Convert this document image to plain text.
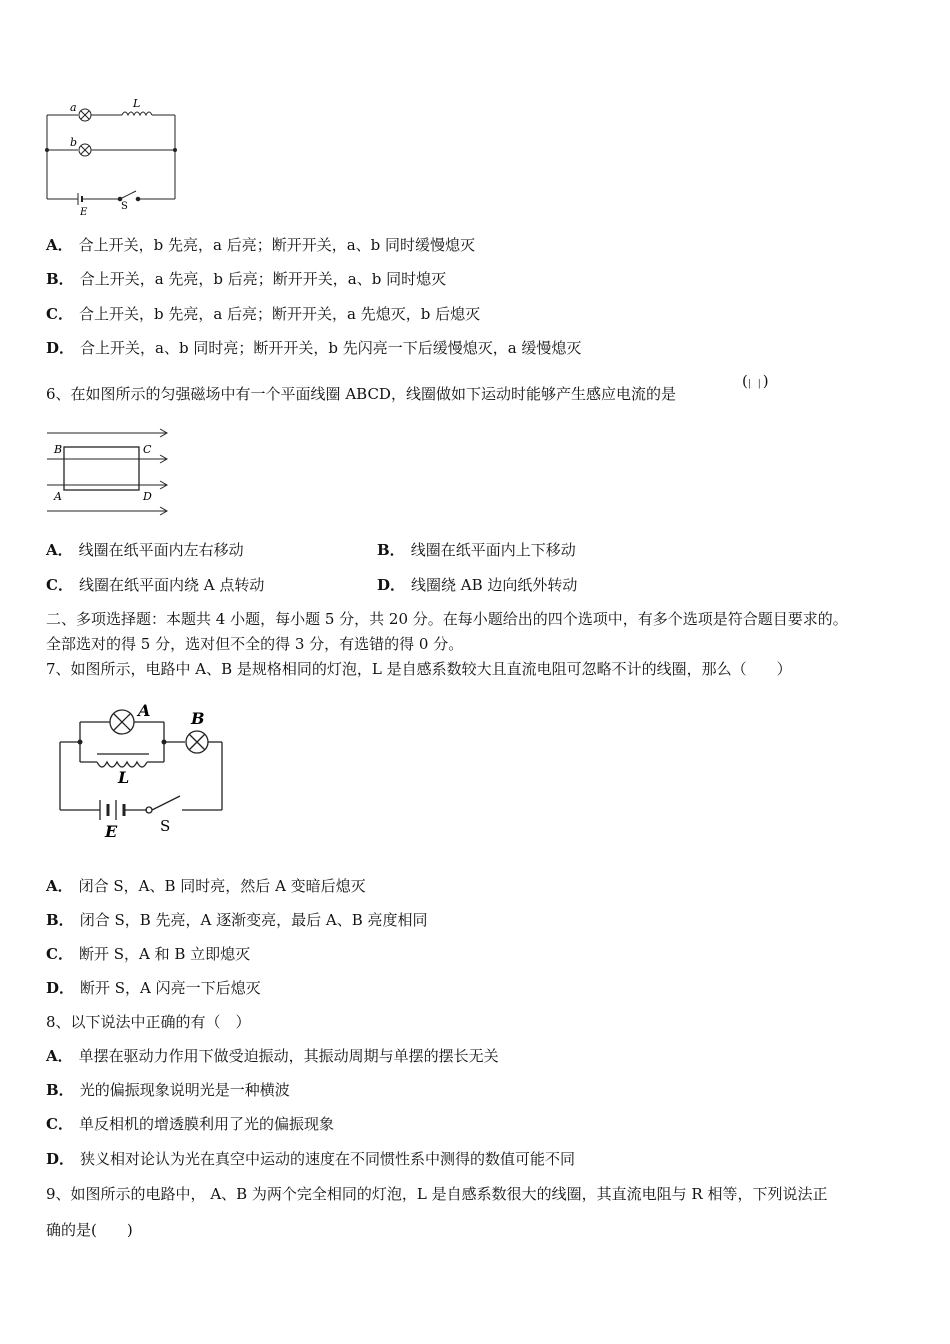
a
b
L
E
S
A． 合上开关，b 先亮，a 后亮；断开开关，a、b 同时缓慢熄灭
B． 合上开关，a 先亮，b 后亮；断开开关，a、b 同时熄灭
C． 合上开关，b 先亮，a 后亮；断开开关，a 先熄灭，b 后熄灭
D． 合上开关，a、b 同时亮；断开开关，b 先闪亮一下后缓慢熄灭，a 缓慢熄灭
6、在如图所示的匀强磁场中有一个平面线圈 ABCD，线圈做如下运动时能够产生感应电流的是
(| |)
B	C
A	D
A． 线圈在纸平面内左右移动	B． 线圈在纸平面内上下移动
C． 线圈在纸平面内绕 A 点转动	D． 线圈绕 AB 边向纸外转动
二、多项选择题：本题共 4 小题，每小题 5 分，共 20 分。在每小题给出的四个选项中，有多个选项是符合题目要求的。
全部选对的得 5 分，选对但不全的得 3 分，有选错的得 0 分。
7、如图所示，电路中 A、B 是规格相同的灯泡，L 是自感系数较大且直流电阻可忽略不计的线圈，那么（　　）
A	B
L
E	S
A． 闭合 S，A、B 同时亮，然后 A 变暗后熄灭
B． 闭合 S，B 先亮，A 逐渐变亮，最后 A、B 亮度相同
C． 断开 S，A 和 B 立即熄灭
D． 断开 S，A 闪亮一下后熄灭
8、以下说法中正确的有（　）
A． 单摆在驱动力作用下做受迫振动，其振动周期与单摆的摆长无关
B． 光的偏振现象说明光是一种横波
C． 单反相机的增透膜利用了光的偏振现象
D． 狭义相对论认为光在真空中运动的速度在不同惯性系中测得的数值可能不同
9、如图所示的电路中， A、B 为两个完全相同的灯泡，L 是自感系数很大的线圈，其直流电阻与 R 相等，下列说法正
确的是(　　)
